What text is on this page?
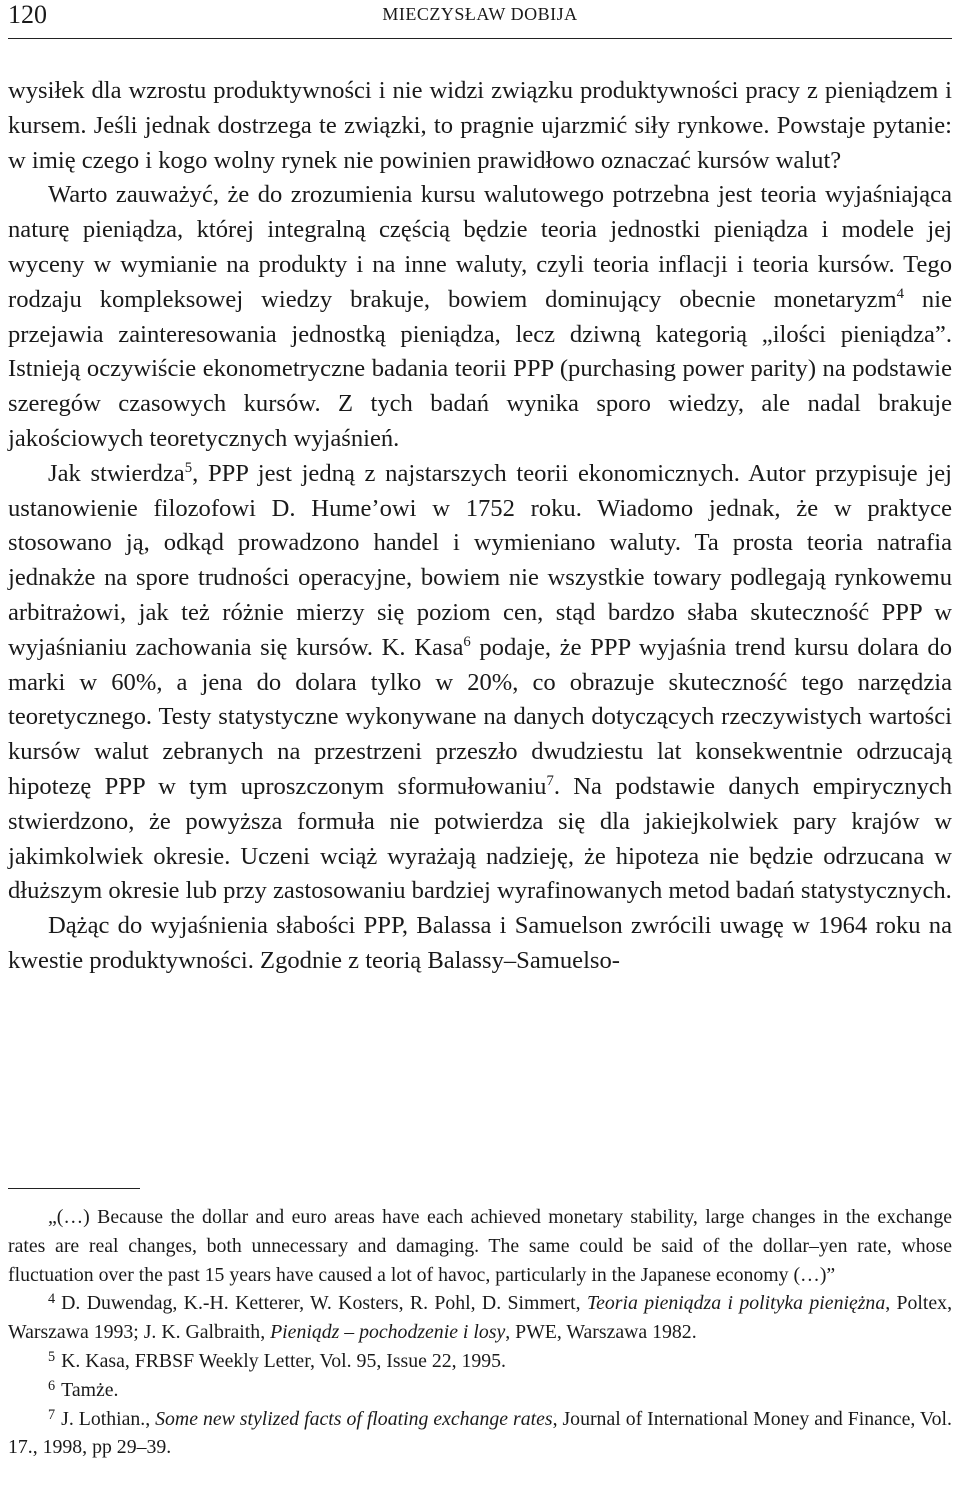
120	MIECZYSŁAW DOBIJA

wysiłek dla wzrostu produktywności i nie widzi związku produktywności pracy z pieniądzem i kursem. Jeśli jednak dostrzega te związki, to pragnie ujarzmić siły rynkowe. Powstaje pytanie: w imię czego i kogo wolny rynek nie powinien prawidłowo oznaczać kursów walut?

Warto zauważyć, że do zrozumienia kursu walutowego potrzebna jest teoria wyjaśniająca naturę pieniądza, której integralną częścią będzie teoria jednostki pieniądza i modele jej wyceny w wymianie na produkty i na inne waluty, czyli teoria inflacji i teoria kursów. Tego rodzaju kompleksowej wiedzy brakuje, bowiem dominujący obecnie monetaryzm$^4$ nie przejawia zainteresowania jednostką pieniądza, lecz dziwną kategorią „ilości pieniądza”. Istnieją oczywiście ekonometryczne badania teorii PPP (purchasing power parity) na podstawie szeregów czasowych kursów. Z tych badań wynika sporo wiedzy, ale nadal brakuje jakościowych teoretycznych wyjaśnień.

Jak stwierdza$^5$, PPP jest jedną z najstarszych teorii ekonomicznych. Autor przypisuje jej ustanowienie filozofowi D. Hume’owi w 1752 roku. Wiadomo jednak, że w praktyce stosowano ją, odkąd prowadzono handel i wymieniano waluty. Ta prosta teoria natrafia jednakże na spore trudności operacyjne, bowiem nie wszystkie towary podlegają rynkowemu arbitrażowi, jak też różnie mierzy się poziom cen, stąd bardzo słaba skuteczność PPP w wyjaśnianiu zachowania się kursów. K. Kasa$^6$ podaje, że PPP wyjaśnia trend kursu dolara do marki w 60%, a jena do dolara tylko w 20%, co obrazuje skuteczność tego narzędzia teoretycznego. Testy statystyczne wykonywane na danych dotyczących rzeczywistych wartości kursów walut zebranych na przestrzeni przeszło dwudziestu lat konsekwentnie odrzucają hipotezę PPP w tym uproszczonym sformułowaniu$^7$. Na podstawie danych empirycznych stwierdzono, że powyższa formuła nie potwierdza się dla jakiejkolwiek pary krajów w jakimkolwiek okresie. Uczeni wciąż wyrażają nadzieję, że hipoteza nie będzie odrzucana w dłuższym okresie lub przy zastosowaniu bardziej wyrafinowanych metod badań statystycznych.

Dążąc do wyjaśnienia słabości PPP, Balassa i Samuelson zwrócili uwagę w 1964 roku na kwestie produktywności. Zgodnie z teorią Balassy–Samuelso-

„(…) Because the dollar and euro areas have each achieved monetary stability, large changes in the exchange rates are real changes, both unnecessary and damaging. The same could be said of the dollar–yen rate, whose fluctuation over the past 15 years have caused a lot of havoc, particularly in the Japanese economy (…)”

$^4$ D. Duwendag, K.-H. Ketterer, W. Kosters, R. Pohl, D. Simmert, Teoria pieniądza i polityka pieniężna, Poltex, Warszawa 1993; J. K. Galbraith, Pieniądz – pochodzenie i losy, PWE, Warszawa 1982.

$^5$ K. Kasa, FRBSF Weekly Letter, Vol. 95, Issue 22, 1995.

$^6$ Tamże.

$^7$ J. Lothian., Some new stylized facts of floating exchange rates, Journal of International Money and Finance, Vol. 17., 1998, pp 29–39.
